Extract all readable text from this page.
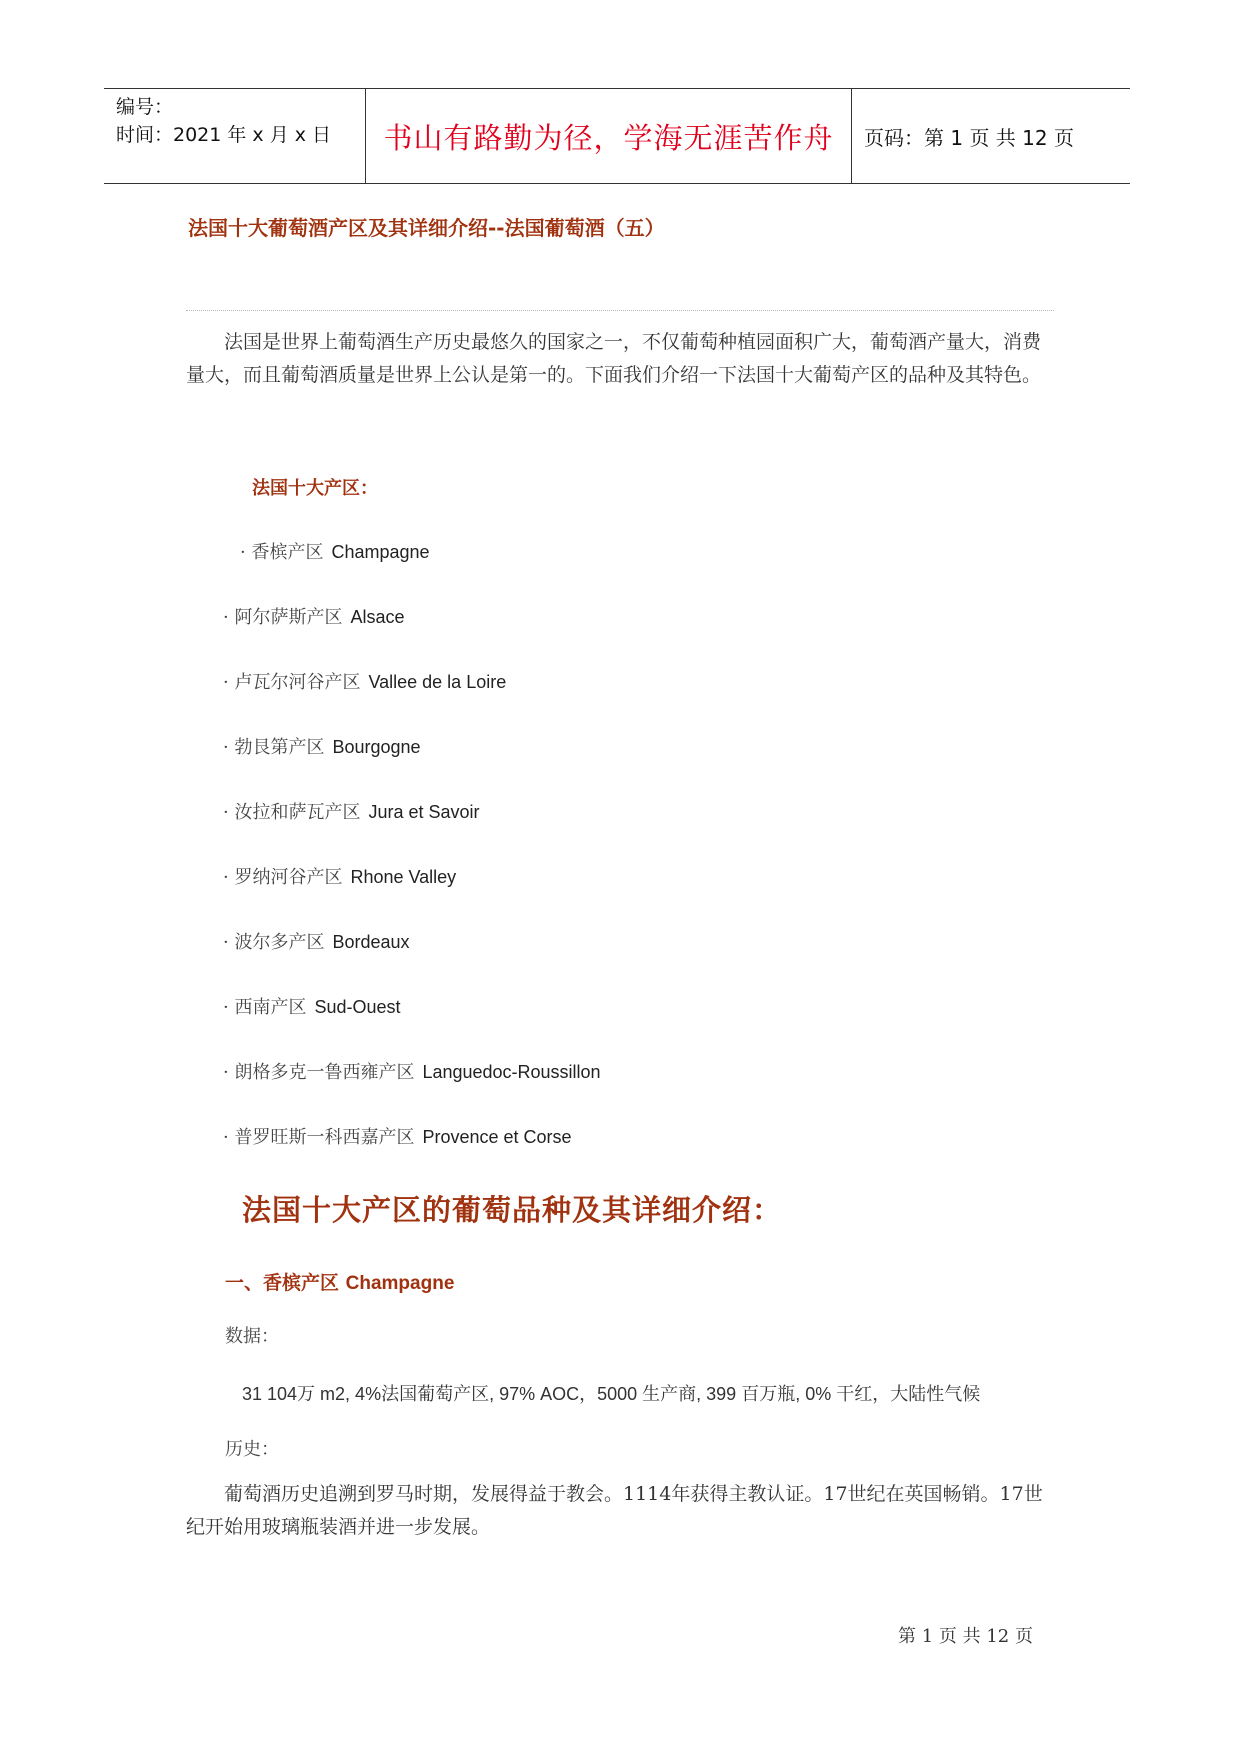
编号：
时间：2021 年 x 月 x 日	书山有路勤为径，学海无涯苦作舟	页码：第 1 页 共 12 页
法国十大葡萄酒产区及其详细介绍--法国葡萄酒（五）
法国是世界上葡萄酒生产历史最悠久的国家之一，不仅葡萄种植园面积广大，葡萄酒产量大，消费量大，而且葡萄酒质量是世界上公认是第一的。下面我们介绍一下法国十大葡萄产区的品种及其特色。
法国十大产区：
· 香槟产区 Champagne
· 阿尔萨斯产区 Alsace
· 卢瓦尔河谷产区 Vallee de la Loire
· 勃艮第产区 Bourgogne
· 汝拉和萨瓦产区 Jura et Savoir
· 罗纳河谷产区 Rhone Valley
· 波尔多产区 Bordeaux
· 西南产区 Sud-Ouest
· 朗格多克一鲁西雍产区 Languedoc-Roussillon
· 普罗旺斯一科西嘉产区 Provence et Corse
法国十大产区的葡萄品种及其详细介绍：
一、香槟产区 Champagne
数据：
31 104万 m2, 4%法国葡萄产区, 97% AOC，5000 生产商, 399 百万瓶, 0% 干红，大陆性气候
历史：
葡萄酒历史追溯到罗马时期，发展得益于教会。1114年获得主教认证。17世纪在英国畅销。17世纪开始用玻璃瓶装酒并进一步发展。
第 1 页 共 12 页
